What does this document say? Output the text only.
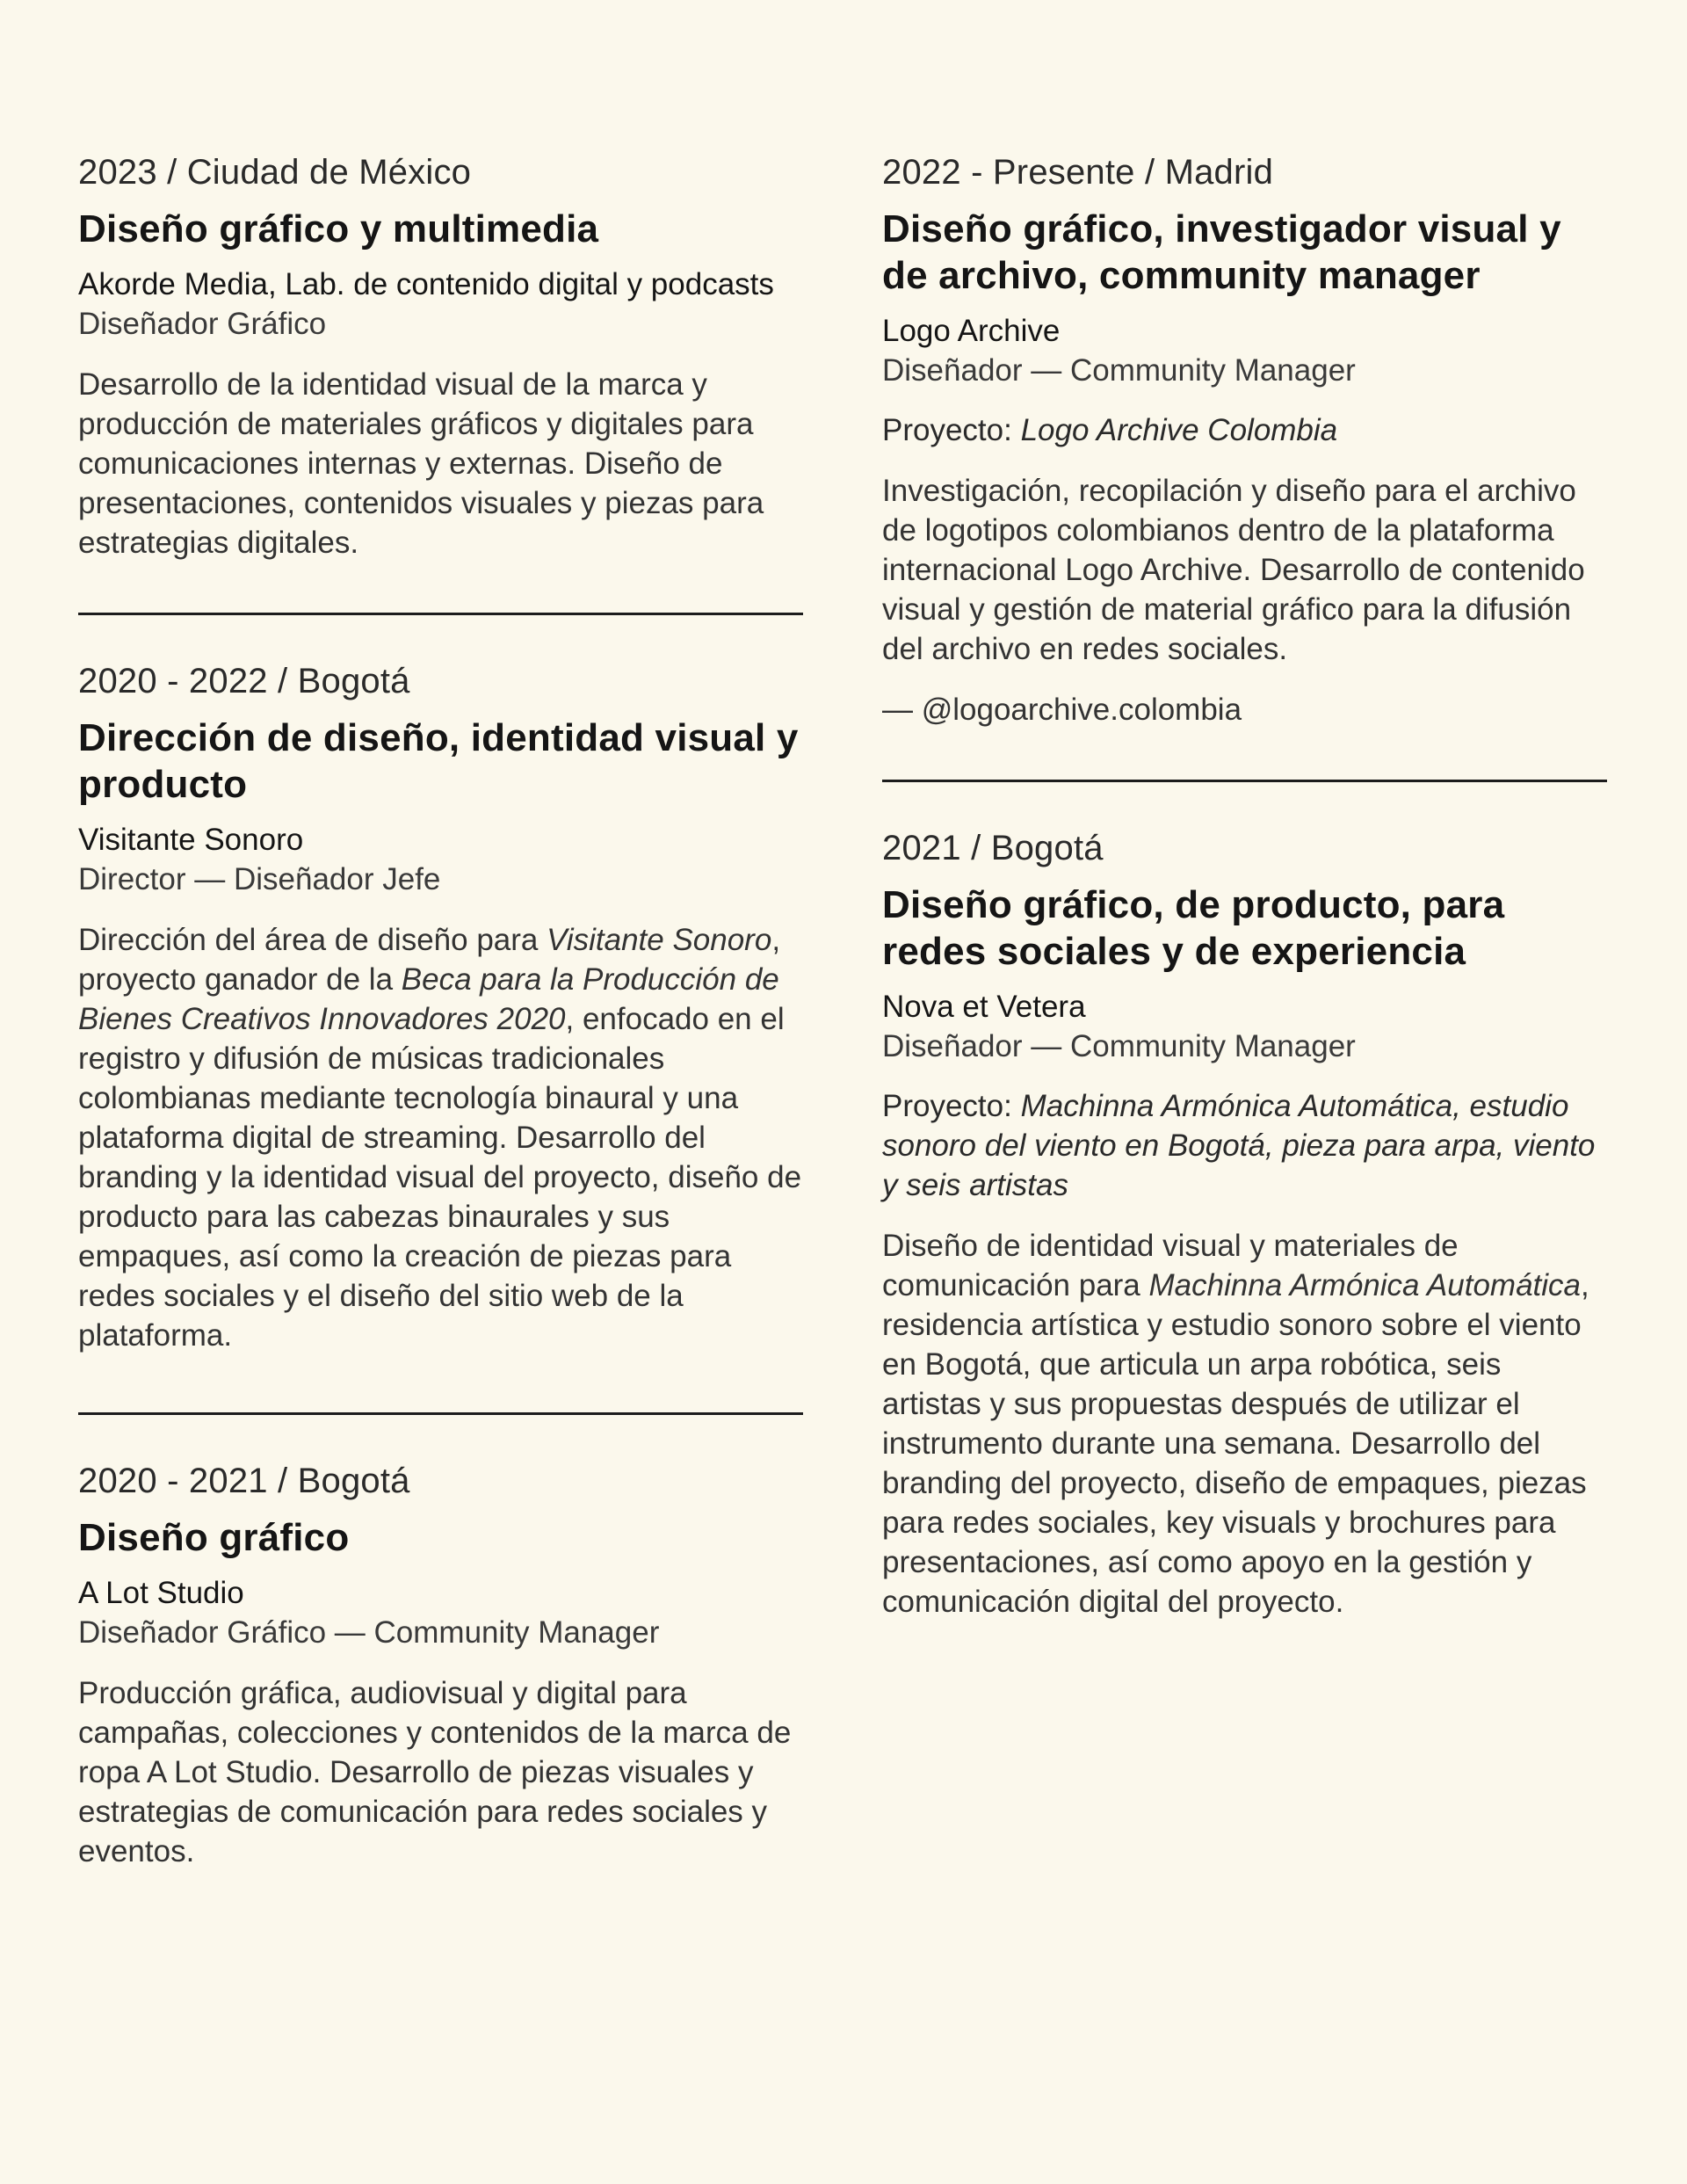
2023 / Ciudad de México

Diseño gráfico y multimedia

Akorde Media, Lab. de contenido digital y podcasts

Diseñador Gráfico

Desarrollo de la identidad visual de la marca y producción de materiales gráficos y digitales para comunicaciones internas y externas. Diseño de presentaciones, contenidos visuales y piezas para estrategias digitales.

2020 - 2022 / Bogotá

Dirección de diseño, identidad visual y producto

Visitante Sonoro

Director — Diseñador Jefe

Dirección del área de diseño para Visitante Sonoro, proyecto ganador de la Beca para la Producción de Bienes Creativos Innovadores 2020, enfocado en el registro y difusión de músicas tradicionales colombianas mediante tecnología binaural y una plataforma digital de streaming. Desarrollo del branding y la identidad visual del proyecto, diseño de producto para las cabezas binaurales y sus empaques, así como la creación de piezas para redes sociales y el diseño del sitio web de la plataforma.

2020 - 2021 / Bogotá

Diseño gráfico

A Lot Studio

Diseñador Gráfico — Community Manager

Producción gráfica, audiovisual y digital para campañas, colecciones y contenidos de la marca de ropa A Lot Studio. Desarrollo de piezas visuales y estrategias de comunicación para redes sociales y eventos.

2022 - Presente / Madrid

Diseño gráfico, investigador visual y de archivo, community manager

Logo Archive

Diseñador — Community Manager

Proyecto: Logo Archive Colombia

Investigación, recopilación y diseño para el archivo de logotipos colombianos dentro de la plataforma internacional Logo Archive. Desarrollo de contenido visual y gestión de material gráfico para la difusión del archivo en redes sociales.

— @logoarchive.colombia

2021 / Bogotá

Diseño gráfico, de producto, para redes sociales y de experiencia

Nova et Vetera

Diseñador — Community Manager

Proyecto: Machinna Armónica Automática, estudio sonoro del viento en Bogotá, pieza para arpa, viento y seis artistas

Diseño de identidad visual y materiales de comunicación para Machinna Armónica Automática, residencia artística y estudio sonoro sobre el viento en Bogotá, que articula un arpa robótica, seis artistas y sus propuestas después de utilizar el instrumento durante una semana. Desarrollo del branding del proyecto, diseño de empaques, piezas para redes sociales, key visuals y brochures para presentaciones, así como apoyo en la gestión y comunicación digital del proyecto.
